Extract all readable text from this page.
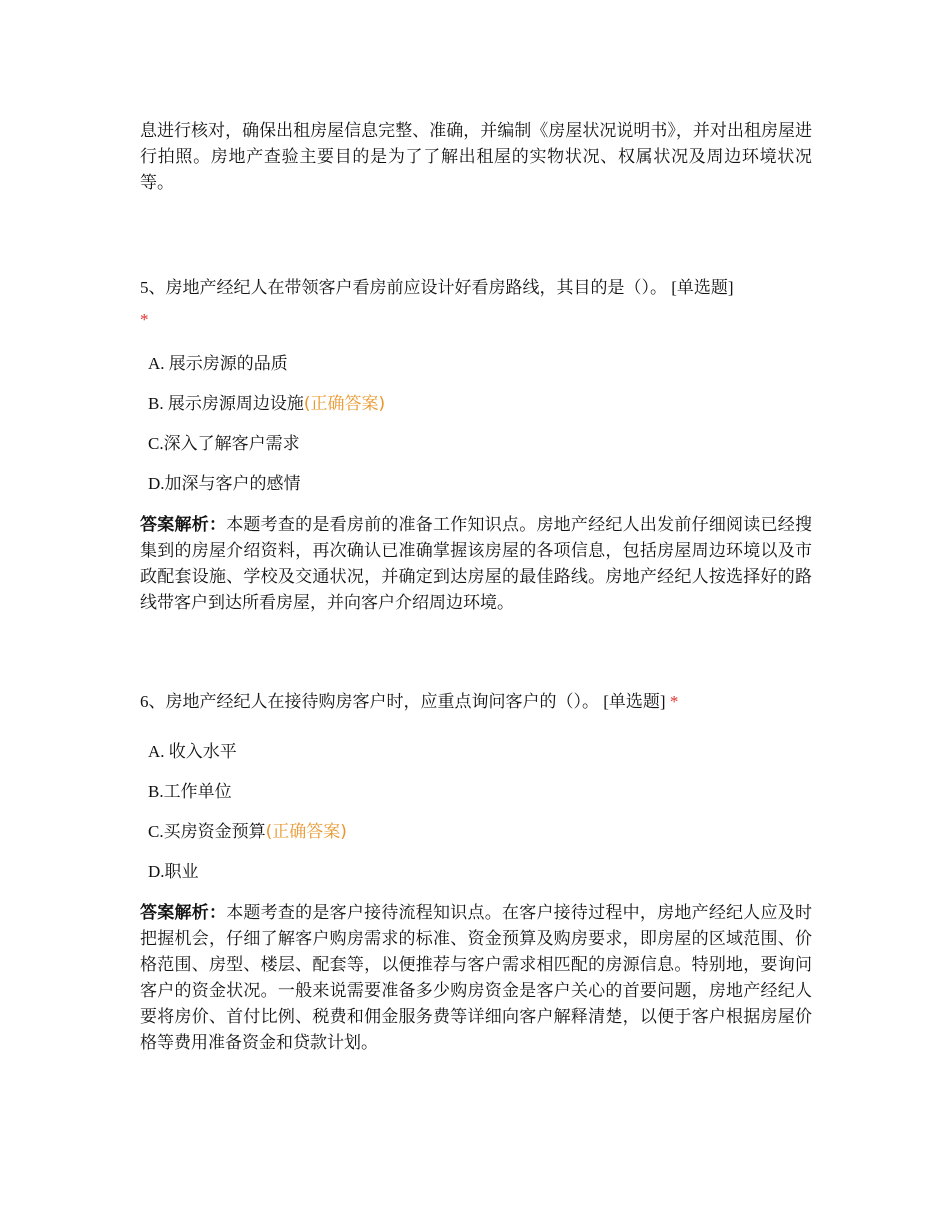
息进行核对，确保出租房屋信息完整、准确，并编制《房屋状况说明书》，并对出租房屋进行拍照。房地产查验主要目的是为了了解出租屋的实物状况、权属状况及周边环境状况等。

5、房地产经纪人在带领客户看房前应设计好看房路线，其目的是（）。 [单选题]
*

A. 展示房源的品质
B. 展示房源周边设施(正确答案)
C.深入了解客户需求
D.加深与客户的感情

答案解析：本题考查的是看房前的准备工作知识点。房地产经纪人出发前仔细阅读已经搜集到的房屋介绍资料，再次确认已准确掌握该房屋的各项信息，包括房屋周边环境以及市政配套设施、学校及交通状况，并确定到达房屋的最佳路线。房地产经纪人按选择好的路线带客户到达所看房屋，并向客户介绍周边环境。

6、房地产经纪人在接待购房客户时，应重点询问客户的（）。 [单选题] *

A. 收入水平
B.工作单位
C.买房资金预算(正确答案)
D.职业

答案解析：本题考查的是客户接待流程知识点。在客户接待过程中，房地产经纪人应及时把握机会，仔细了解客户购房需求的标准、资金预算及购房要求，即房屋的区域范围、价格范围、房型、楼层、配套等，以便推荐与客户需求相匹配的房源信息。特别地，要询问客户的资金状况。一般来说需要准备多少购房资金是客户关心的首要问题，房地产经纪人要将房价、首付比例、税费和佣金服务费等详细向客户解释清楚，以便于客户根据房屋价格等费用准备资金和贷款计划。
